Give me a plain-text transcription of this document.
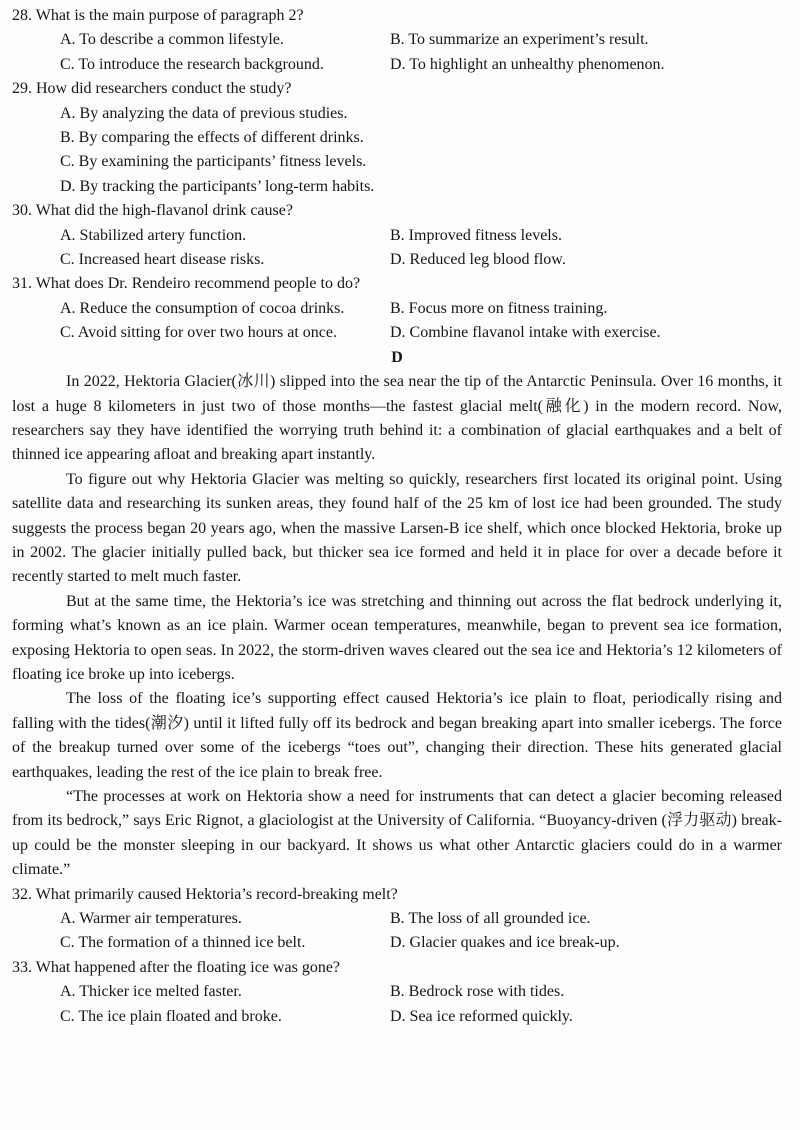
28. What is the main purpose of paragraph 2?
A. To describe a common lifestyle.	B. To summarize an experiment’s result.
C. To introduce the research background.	D. To highlight an unhealthy phenomenon.
29. How did researchers conduct the study?
A. By analyzing the data of previous studies.
B. By comparing the effects of different drinks.
C. By examining the participants’ fitness levels.
D. By tracking the participants’ long-term habits.
30. What did the high-flavanol drink cause?
A. Stabilized artery function.	B. Improved fitness levels.
C. Increased heart disease risks.	D. Reduced leg blood flow.
31. What does Dr. Rendeiro recommend people to do?
A. Reduce the consumption of cocoa drinks.	B. Focus more on fitness training.
C. Avoid sitting for over two hours at once.	D. Combine flavanol intake with exercise.
D

In 2022, Hektoria Glacier(冰川) slipped into the sea near the tip of the Antarctic Peninsula. Over 16 months, it lost a huge 8 kilometers in just two of those months—the fastest glacial melt(融化) in the modern record. Now, researchers say they have identified the worrying truth behind it: a combination of glacial earthquakes and a belt of thinned ice appearing afloat and breaking apart instantly.

To figure out why Hektoria Glacier was melting so quickly, researchers first located its original point. Using satellite data and researching its sunken areas, they found half of the 25 km of lost ice had been grounded. The study suggests the process began 20 years ago, when the massive Larsen-B ice shelf, which once blocked Hektoria, broke up in 2002. The glacier initially pulled back, but thicker sea ice formed and held it in place for over a decade before it recently started to melt much faster.

But at the same time, the Hektoria’s ice was stretching and thinning out across the flat bedrock underlying it, forming what’s known as an ice plain. Warmer ocean temperatures, meanwhile, began to prevent sea ice formation, exposing Hektoria to open seas. In 2022, the storm-driven waves cleared out the sea ice and Hektoria’s 12 kilometers of floating ice broke up into icebergs.

The loss of the floating ice’s supporting effect caused Hektoria’s ice plain to float, periodically rising and falling with the tides(潮汐) until it lifted fully off its bedrock and began breaking apart into smaller icebergs. The force of the breakup turned over some of the icebergs “toes out”, changing their direction. These hits generated glacial earthquakes, leading the rest of the ice plain to break free.

“The processes at work on Hektoria show a need for instruments that can detect a glacier becoming released from its bedrock,” says Eric Rignot, a glaciologist at the University of California. “Buoyancy-driven (浮力驱动) break-up could be the monster sleeping in our backyard. It shows us what other Antarctic glaciers could do in a warmer climate.”

32. What primarily caused Hektoria’s record-breaking melt?
A. Warmer air temperatures.	B. The loss of all grounded ice.
C. The formation of a thinned ice belt.	D. Glacier quakes and ice break-up.
33. What happened after the floating ice was gone?
A. Thicker ice melted faster.	B. Bedrock rose with tides.
C. The ice plain floated and broke.	D. Sea ice reformed quickly.
